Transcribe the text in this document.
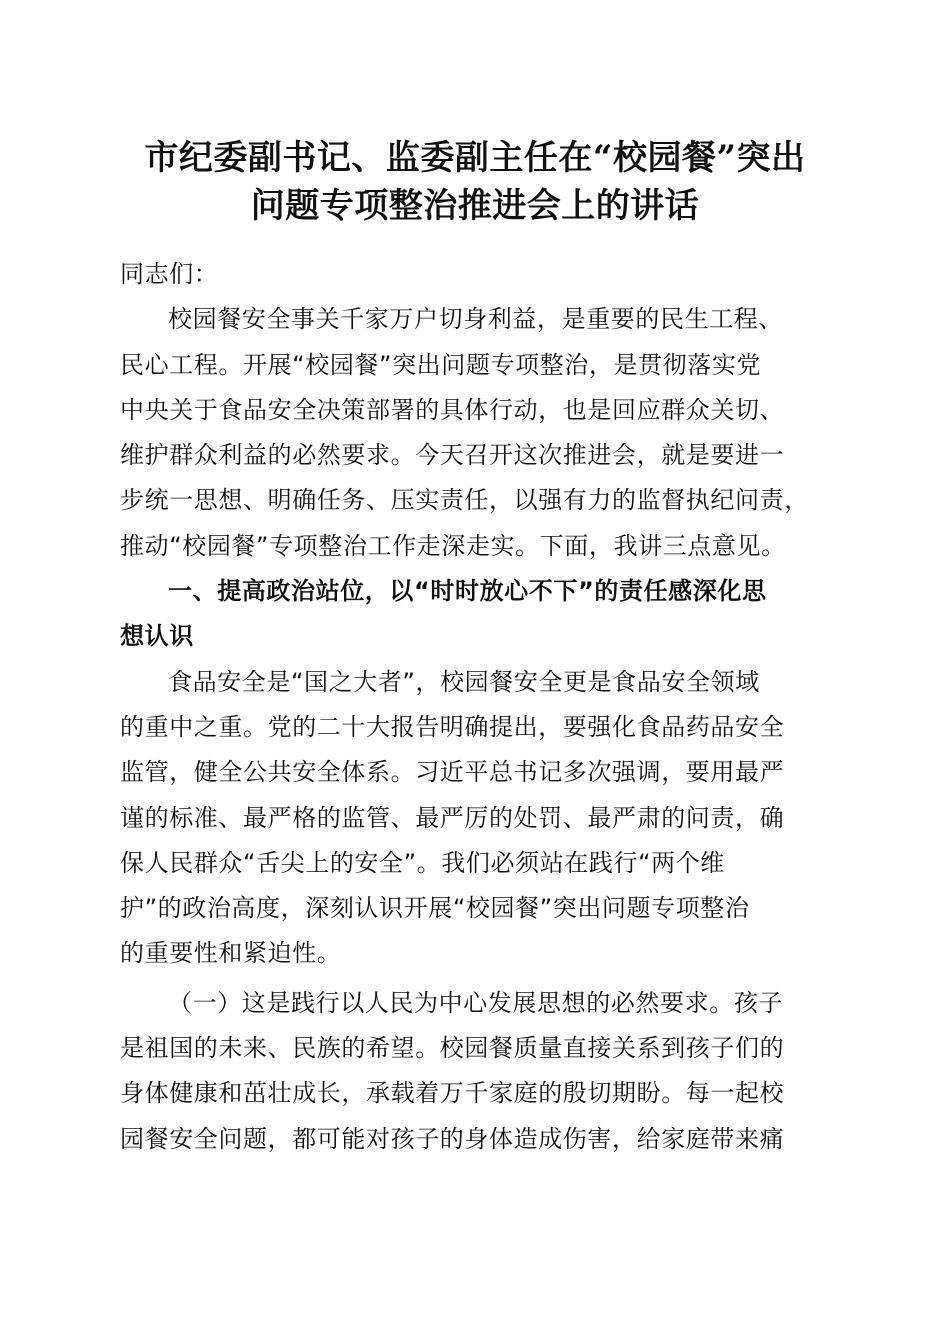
市纪委副书记、监委副主任在“校园餐”突出
问题专项整治推进会上的讲话
同志们：
校园餐安全事关千家万户切身利益，是重要的民生工程、
民心工程。开展“校园餐”突出问题专项整治，是贯彻落实党
中央关于食品安全决策部署的具体行动，也是回应群众关切、
维护群众利益的必然要求。今天召开这次推进会，就是要进一
步统一思想、明确任务、压实责任，以强有力的监督执纪问责，
推动“校园餐”专项整治工作走深走实。下面，我讲三点意见。
一、提高政治站位，以“时时放心不下”的责任感深化思
想认识
食品安全是“国之大者”，校园餐安全更是食品安全领域
的重中之重。党的二十大报告明确提出，要强化食品药品安全
监管，健全公共安全体系。习近平总书记多次强调，要用最严
谨的标准、最严格的监管、最严厉的处罚、最严肃的问责，确
保人民群众“舌尖上的安全”。我们必须站在践行“两个维
护”的政治高度，深刻认识开展“校园餐”突出问题专项整治
的重要性和紧迫性。
（一）这是践行以人民为中心发展思想的必然要求。孩子
是祖国的未来、民族的希望。校园餐质量直接关系到孩子们的
身体健康和茁壮成长，承载着万千家庭的殷切期盼。每一起校
园餐安全问题，都可能对孩子的身体造成伤害，给家庭带来痛
